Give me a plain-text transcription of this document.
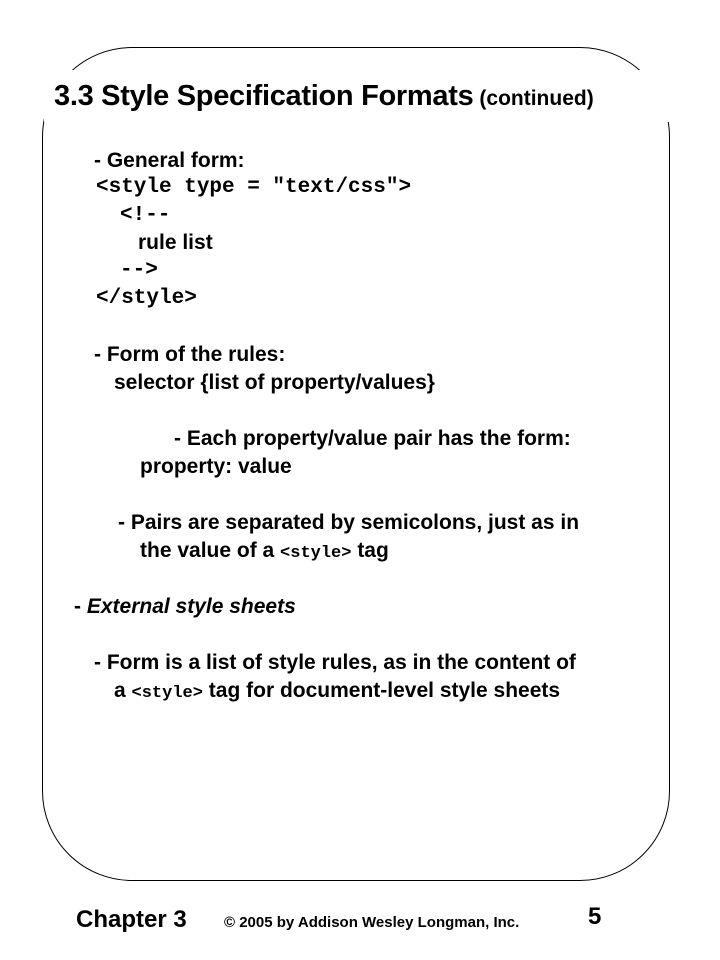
3.3 Style Specification Formats (continued)
- General form:
<style type = "text/css">
<!--
rule list
-->
</style>
- Form of the rules:
selector {list of property/values}
- Each property/value pair has the form:
property: value
- Pairs are separated by semicolons, just as in
the value of a <style> tag
- External style sheets
- Form is a list of style rules, as in the content of
a <style> tag for document-level style sheets
Chapter 3 © 2005 by Addison Wesley Longman, Inc.	5
